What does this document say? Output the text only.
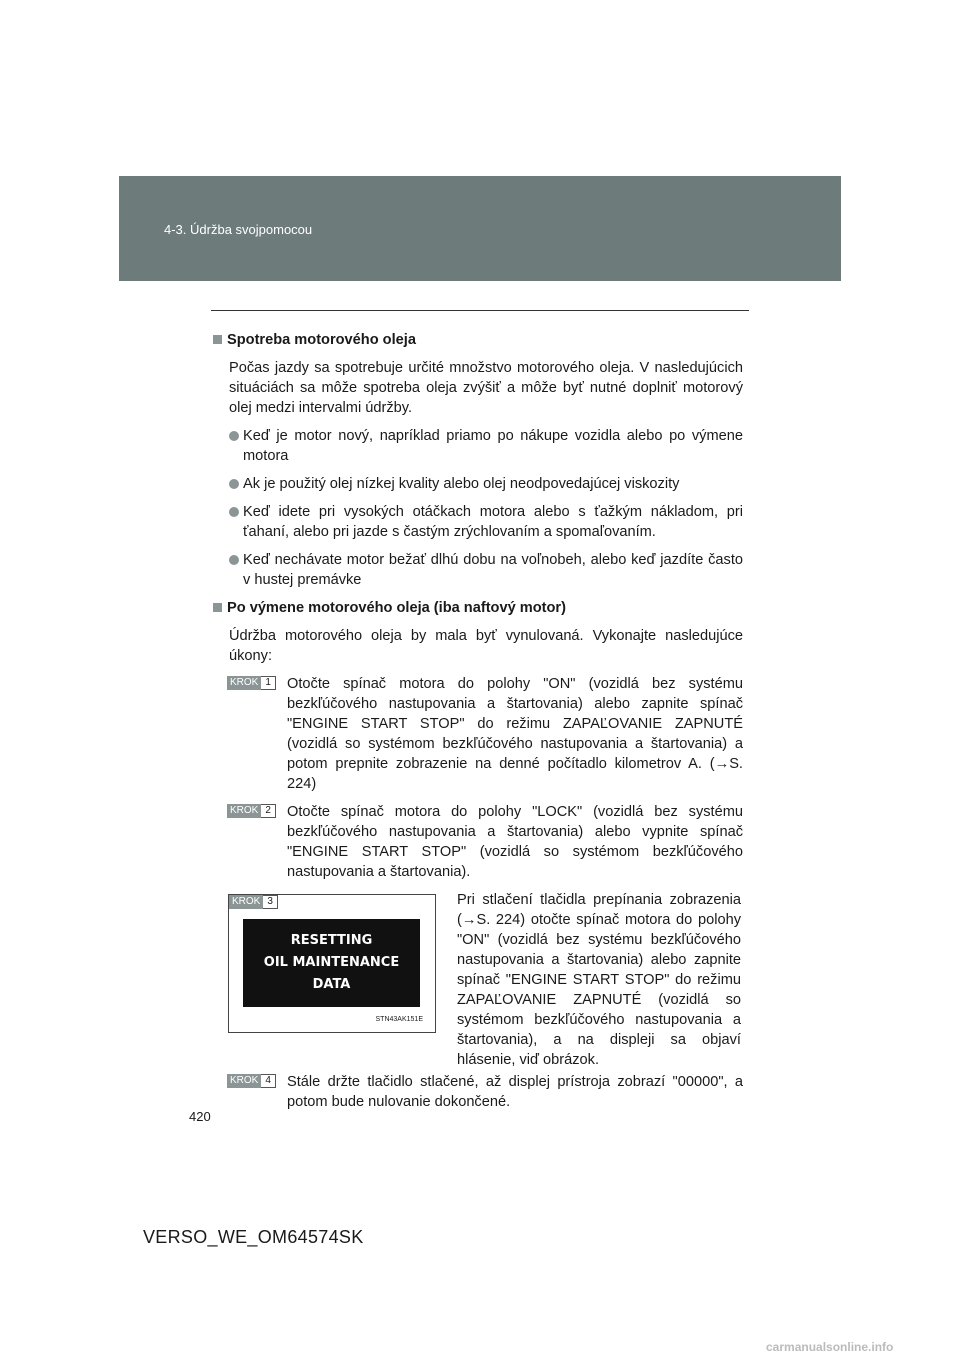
4-3. Údržba svojpomocou
Spotreba motorového oleja
Počas jazdy sa spotrebuje určité množstvo motorového oleja. V nasledujúcich situáciách sa môže spotreba oleja zvýšiť a môže byť nutné doplniť motorový olej medzi intervalmi údržby.
Keď je motor nový, napríklad priamo po nákupe vozidla alebo po výmene motora
Ak je použitý olej nízkej kvality alebo olej neodpovedajúcej viskozity
Keď idete pri vysokých otáčkach motora alebo s ťažkým nákladom, pri ťahaní, alebo pri jazde s častým zrýchlovaním a spomaľovaním.
Keď nechávate motor bežať dlhú dobu na voľnobeh, alebo keď jazdíte často v hustej premávke
Po výmene motorového oleja (iba naftový motor)
Údržba motorového oleja by mala byť vynulovaná. Vykonajte nasledujúce úkony:
KROK 1	Otočte spínač motora do polohy "ON" (vozidlá bez systému bezkľúčového nastupovania a štartovania) alebo zapnite spínač "ENGINE START STOP" do režimu ZAPAĽOVANIE ZAPNUTÉ (vozidlá so systémom bezkľúčového nastupovania a štartovania) a potom prepnite zobrazenie na denné počítadlo kilometrov A. (→S. 224)
KROK 2	Otočte spínač motora do polohy "LOCK" (vozidlá bez systému bezkľúčového nastupovania a štartovania) alebo vypnite spínač "ENGINE START STOP" (vozidlá so systémom bezkľúčového nastupovania a štartovania).
KROK 3
RESETTING
OIL MAINTENANCE
DATA
STN43AK151E
Pri stlačení tlačidla prepínania zobrazenia (→S. 224) otočte spínač motora do polohy "ON" (vozidlá bez systému bezkľúčového nastupovania a štartovania) alebo zapnite spínač "ENGINE START STOP" do režimu ZAPAĽOVANIE ZAPNUTÉ (vozidlá so systémom bezkľúčového nastupovania a štartovania), a na displeji sa objaví hlásenie, viď obrázok.
KROK 4	Stále držte tlačidlo stlačené, až displej prístroja zobrazí "00000", a potom bude nulovanie dokončené.
420
VERSO_WE_OM64574SK
carmanualsonline.info
